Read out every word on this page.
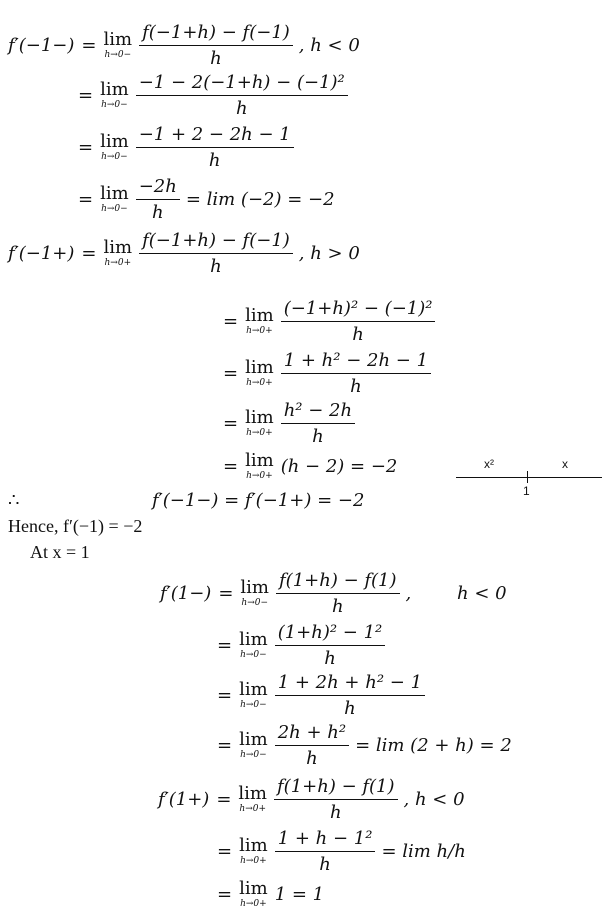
f′(−1−) = lim
$h\to 0- \frac{f(-1+h) - f(-1)}{h}$ , h < 0
= lim
$h\to 0- \frac{\text{−1 − 2(−1+h) − (−1)²}}{h}$
= lim
$h\to 0- \frac{-1 + 2 - 2h - 1}{h}$
= lim
$h\to 0- \frac{-2h}{h} = \lim (-2) = -2$
f′(−1+) = lim
$h\to 0+ \frac{f(-1+h) - f(-1)}{h}$ , h > 0
= lim
$h\to 0+ \frac{\text{(−1+h)² − (−1)²}}{h}$
= lim
$h\to 0+ \frac{\text{1 + h² − 2h − 1}}{h}$
= lim
$h\to 0+ \frac{\text{h² − 2h}}{h}$
= lim
h→0+ (h − 2) = −2	x²	x
1
∴	f′(−1−) = f′(−1+) = −2
Hence, f′(−1) = −2
At x = 1
f′(1−) = lim
$h\to 0- \frac{f(1+h) - f(1)}{h}$ ,        h < 0
= lim
$h\to 0- \frac{\text{(1+h)² − 1²}}{h}$
= lim
$h\to 0- \frac{\text{1 + 2h + h² − 1}}{h}$
= lim
$h\to 0- \frac{\text{2h + h²}}{h} = \lim (2 + h) = 2$
f′(1+) = lim
$h\to 0+ \frac{f(1+h) - f(1)}{h}$ , h < 0
= lim
$h\to 0+ \frac{\text{1 + h − 1²}}{h} = \lim h/h$
= lim
h→0+ 1 = 1
